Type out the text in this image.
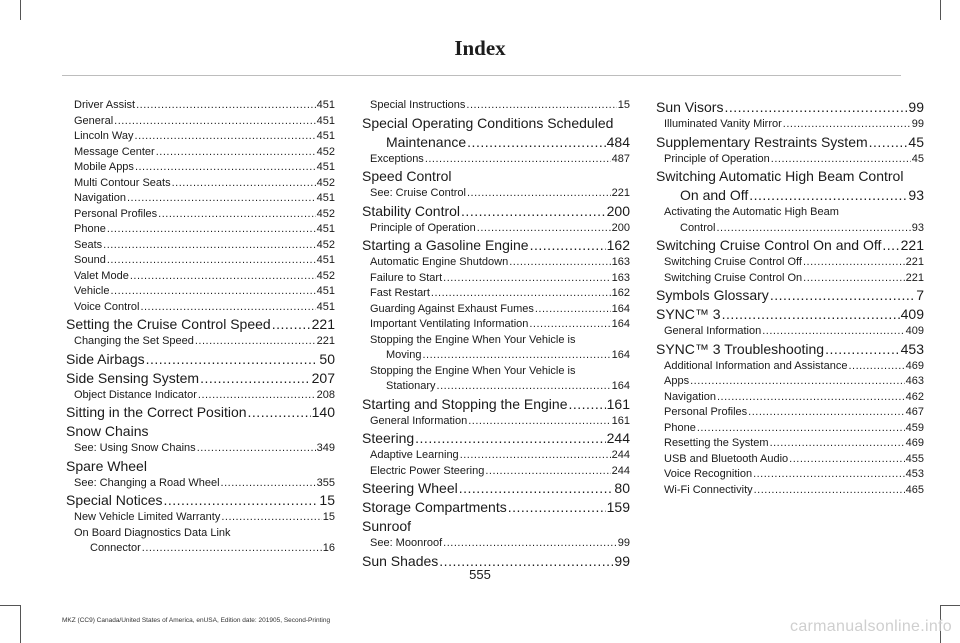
Index
Driver Assist .....	451
General .....	451
Lincoln Way .....	451
Message Center .....	452
Mobile Apps .....	451
Multi Contour Seats .....	452
Navigation .....	451
Personal Profiles .....	452
Phone .....	451
Seats .....	452
Sound .....	451
Valet Mode .....	452
Vehicle .....	451
Voice Control .....	451
Setting the Cruise Control Speed .....	221
Changing the Set Speed .....	221
Side Airbags .....	50
Side Sensing System .....	207
Object Distance Indicator .....	208
Sitting in the Correct Position .....	140
Snow Chains
See: Using Snow Chains .....	349
Spare Wheel
See: Changing a Road Wheel .....	355
Special Notices .....	15
New Vehicle Limited Warranty .....	15
On Board Diagnostics Data Link
Connector .....	16
Special Instructions .....	15
Special Operating Conditions Scheduled
Maintenance .....	484
Exceptions .....	487
Speed Control
See: Cruise Control .....	221
Stability Control .....	200
Principle of Operation .....	200
Starting a Gasoline Engine .....	162
Automatic Engine Shutdown .....	163
Failure to Start .....	163
Fast Restart .....	162
Guarding Against Exhaust Fumes .....	164
Important Ventilating Information .....	164
Stopping the Engine When Your Vehicle is
Moving .....	164
Stopping the Engine When Your Vehicle is
Stationary .....	164
Starting and Stopping the Engine .....	161
General Information .....	161
Steering .....	244
Adaptive Learning .....	244
Electric Power Steering .....	244
Steering Wheel .....	80
Storage Compartments .....	159
Sunroof
See: Moonroof .....	99
Sun Shades .....	99
Sun Visors .....	99
Illuminated Vanity Mirror .....	99
Supplementary Restraints System .....	45
Principle of Operation .....	45
Switching Automatic High Beam Control
On and Off .....	93
Activating the Automatic High Beam
Control .....	93
Switching Cruise Control On and Off ..... 221
Switching Cruise Control Off .....	221
Switching Cruise Control On .....	221
Symbols Glossary .....	7
SYNC™ 3 .....	409
General Information .....	409
SYNC™ 3 Troubleshooting .....	453
Additional Information and Assistance .....	469
Apps .....	463
Navigation .....	462
Personal Profiles .....	467
Phone .....	459
Resetting the System .....	469
USB and Bluetooth Audio .....	455
Voice Recognition .....	453
Wi-Fi Connectivity .....	465
555
MKZ (CC9) Canada/United States of America, enUSA, Edition date: 201905, Second-Printing	carmanualsonline.info
